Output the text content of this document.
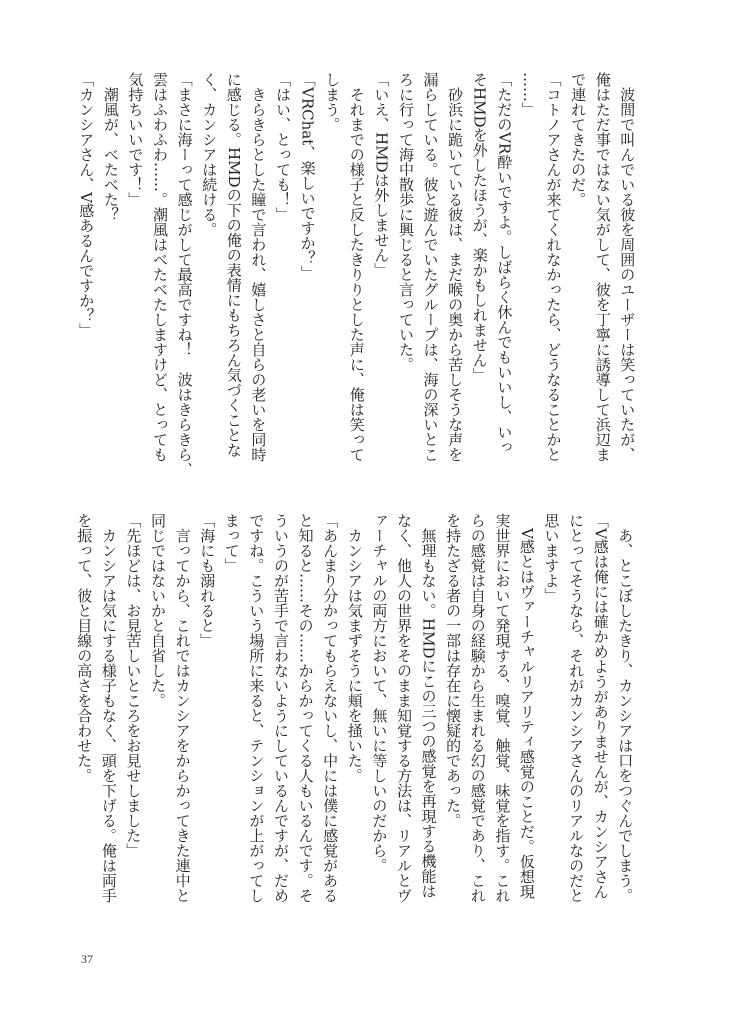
　波間で叫んでいる彼を周囲のユーザーは笑っていたが、
俺はただ事ではない気がして、彼を丁寧に誘導して浜辺ま
で連れてきたのだ。
「コトノアさんが来てくれなかったら、どうなることかと
……」
「ただのVR酔いですよ。しばらく休んでもいいし、いっ
そHMDを外したほうが、楽かもしれません」
　砂浜に跪いている彼は、まだ喉の奥から苦しそうな声を
漏らしている。彼と遊んでいたグループは、海の深いとこ
ろに行って海中散歩に興じると言っていた。
「いえ、HMDは外しません」
　それまでの様子と反したきりりとした声に、俺は笑って
しまう。
「VRChat、楽しいですか？」
「はい、とっても！」
　きらきらとした瞳で言われ、嬉しさと自らの老いを同時
に感じる。HMDの下の俺の表情にもちろん気づくことな
く、カンシアは続ける。
「まさに海ーって感じがして最高ですね！　波はきらきら、
雲はふわふわ……。潮風はべたべたしますけど、とっても
気持ちいいです！」
　潮風が、べたべた？
「カンシアさん、V感あるんですか？」
　あ、とこぼしたきり、カンシアは口をつぐんでしまう。
「V感は俺には確かめようがありませんが、カンシアさん
にとってそうなら、それがカンシアさんのリアルなのだと
思いますよ」
　V感とはヴァーチャルリアリティ感覚のことだ。仮想現
実世界において発現する、嗅覚、触覚、味覚を指す。これ
らの感覚は自身の経験から生まれる幻の感覚であり、これ
を持たざる者の一部は存在に懐疑的であった。
　無理もない。HMDにこの三つの感覚を再現する機能は
なく、他人の世界をそのまま知覚する方法は、リアルとヴ
ァーチャルの両方において、無いに等しいのだから。
　カンシアは気まずそうに頬を掻いた。
「あんまり分かってもらえないし、中には僕に感覚がある
と知ると……その……からかってくる人もいるんです。そ
ういうのが苦手で言わないようにしているんですが、だめ
ですね。こういう場所に来ると、テンションが上がってし
まって」
「海にも溺れると」
　言ってから、これではカンシアをからかってきた連中と
同じではないかと自省した。
「先ほどは、お見苦しいところをお見せしました」
　カンシアは気にする様子もなく、頭を下げる。俺は両手
を振って、彼と目線の高さを合わせた。
37
